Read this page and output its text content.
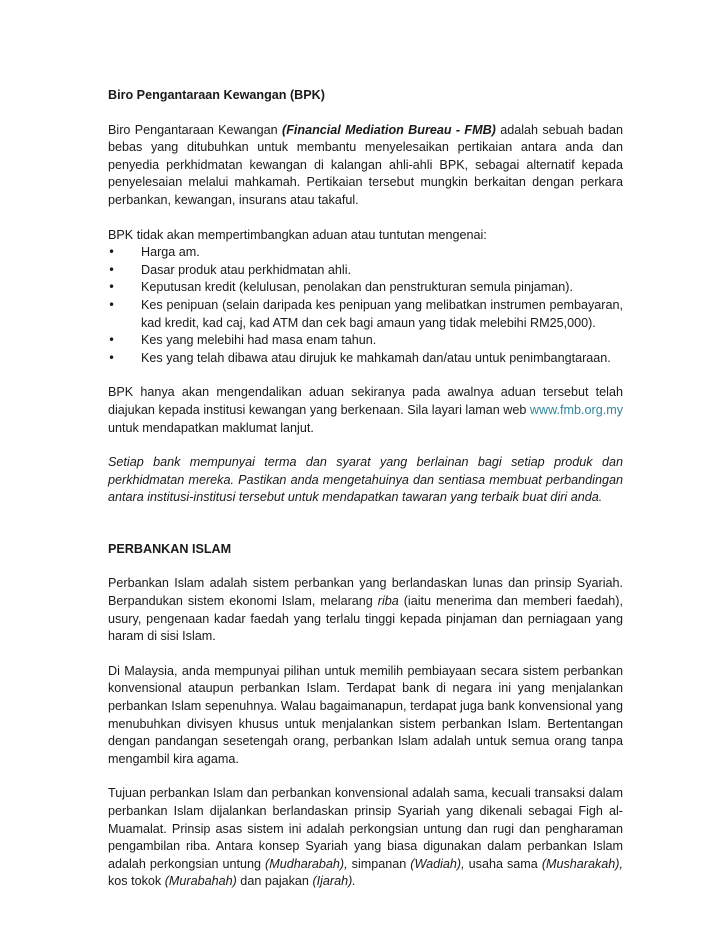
Biro Pengantaraan Kewangan (BPK)

Biro Pengantaraan Kewangan (Financial Mediation Bureau - FMB) adalah sebuah badan bebas yang ditubuhkan untuk membantu menyelesaikan pertikaian antara anda dan penyedia perkhidmatan kewangan di kalangan ahli-ahli BPK, sebagai alternatif kepada penyelesaian melalui mahkamah. Pertikaian tersebut mungkin berkaitan dengan perkara perbankan, kewangan, insurans atau takaful.

BPK tidak akan mempertimbangkan aduan atau tuntutan mengenai:

•	Harga am.
•	Dasar produk atau perkhidmatan ahli.
•	Keputusan kredit (kelulusan, penolakan dan penstrukturan semula pinjaman).
•	Kes penipuan (selain daripada kes penipuan yang melibatkan instrumen pembayaran, kad kredit, kad caj, kad ATM dan cek bagi amaun yang tidak melebihi RM25,000).
•	Kes yang melebihi had masa enam tahun.
•	Kes yang telah dibawa atau dirujuk ke mahkamah dan/atau untuk penimbangtaraan.

BPK hanya akan mengendalikan aduan sekiranya pada awalnya aduan tersebut telah diajukan kepada institusi kewangan yang berkenaan. Sila layari laman web www.fmb.org.my untuk mendapatkan maklumat lanjut.

Setiap bank mempunyai terma dan syarat yang berlainan bagi setiap produk dan perkhidmatan mereka. Pastikan anda mengetahuinya dan sentiasa membuat perbandingan antara institusi-institusi tersebut untuk mendapatkan tawaran yang terbaik buat diri anda.

PERBANKAN ISLAM

Perbankan Islam adalah sistem perbankan yang berlandaskan lunas dan prinsip Syariah. Berpandukan sistem ekonomi Islam, melarang riba (iaitu menerima dan memberi faedah), usury, pengenaan kadar faedah yang terlalu tinggi kepada pinjaman dan perniagaan yang haram di sisi Islam.

Di Malaysia, anda mempunyai pilihan untuk memilih pembiayaan secara sistem perbankan konvensional ataupun perbankan Islam. Terdapat bank di negara ini yang menjalankan perbankan Islam sepenuhnya. Walau bagaimanapun, terdapat juga bank konvensional yang menubuhkan divisyen khusus untuk menjalankan sistem perbankan Islam. Bertentangan dengan pandangan sesetengah orang, perbankan Islam adalah untuk semua orang tanpa mengambil kira agama.

Tujuan perbankan Islam dan perbankan konvensional adalah sama, kecuali transaksi dalam perbankan Islam dijalankan berlandaskan prinsip Syariah yang dikenali sebagai Figh al-Muamalat. Prinsip asas sistem ini adalah perkongsian untung dan rugi dan pengharaman pengambilan riba. Antara konsep Syariah yang biasa digunakan dalam perbankan Islam adalah perkongsian untung (Mudharabah), simpanan (Wadiah), usaha sama (Musharakah), kos tokok (Murabahah) dan pajakan (Ijarah).
